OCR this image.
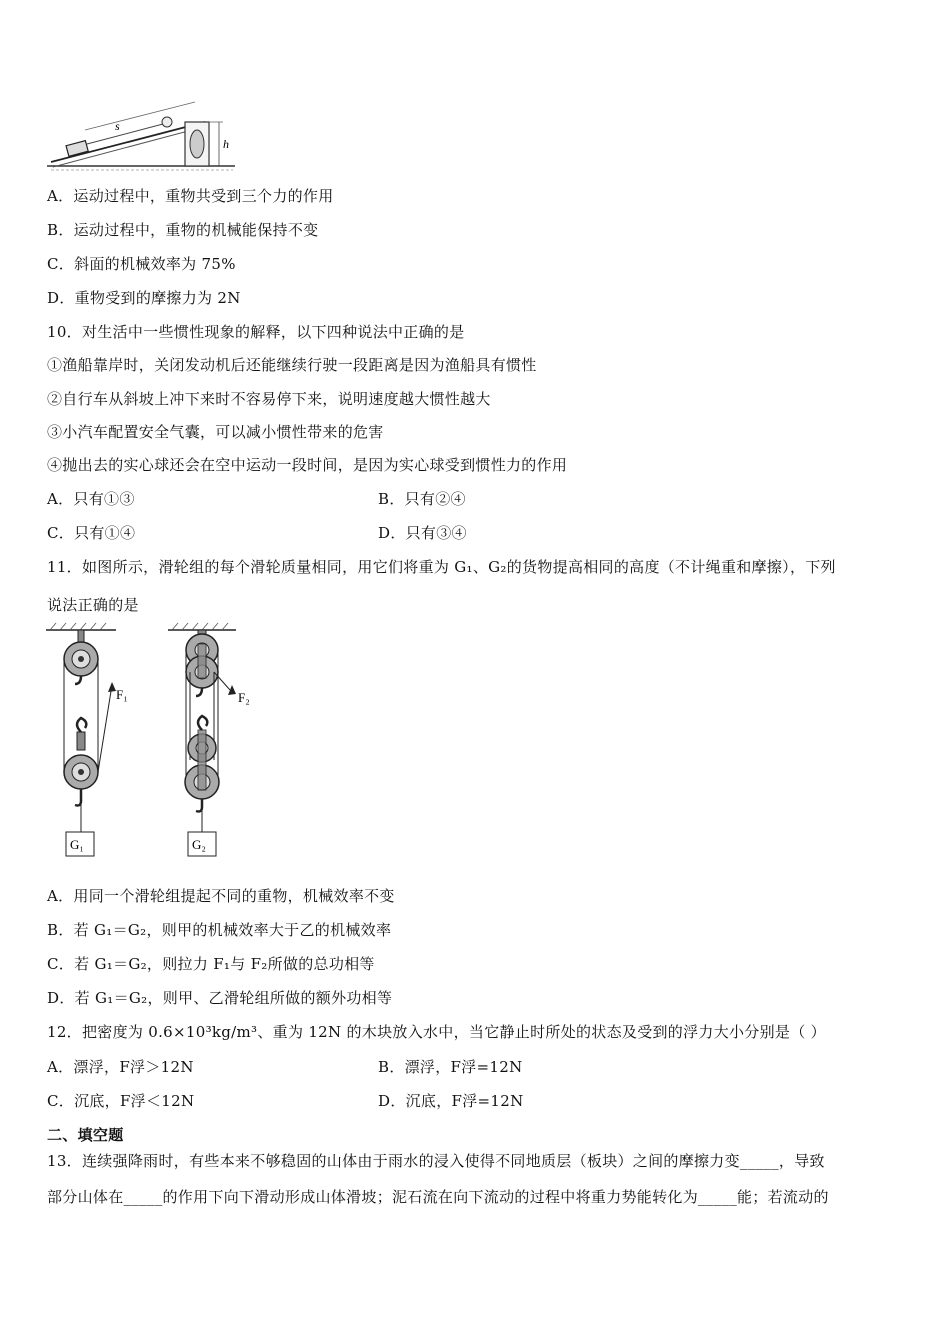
s
h
A．运动过程中，重物共受到三个力的作用
B．运动过程中，重物的机械能保持不变
C．斜面的机械效率为 75%
D．重物受到的摩擦力为 2N
10．对生活中一些惯性现象的解释，以下四种说法中正确的是
①渔船靠岸时，关闭发动机后还能继续行驶一段距离是因为渔船具有惯性
②自行车从斜坡上冲下来时不容易停下来，说明速度越大惯性越大
③小汽车配置安全气囊，可以减小惯性带来的危害
④抛出去的实心球还会在空中运动一段时间，是因为实心球受到惯性力的作用
A．只有①③	B．只有②④
C．只有①④	D．只有③④
11．如图所示，滑轮组的每个滑轮质量相同，用它们将重为 G₁、G₂的货物提高相同的高度（不计绳重和摩擦），下列
说法正确的是
G₁
F₁
G₂
F₂
A．用同一个滑轮组提起不同的重物，机械效率不变
B．若 G₁＝G₂，则甲的机械效率大于乙的机械效率
C．若 G₁＝G₂，则拉力 F₁与 F₂所做的总功相等
D．若 G₁＝G₂，则甲、乙滑轮组所做的额外功相等
12．把密度为 0.6×10³kg/m³、重为 12N 的木块放入水中，当它静止时所处的状态及受到的浮力大小分别是（ ）
A．漂浮，F浮＞12N	B．漂浮，F浮=12N
C．沉底，F浮＜12N	D．沉底，F浮=12N
二、填空题
13．连续强降雨时，有些本来不够稳固的山体由于雨水的浸入使得不同地质层（板块）之间的摩擦力变_____，导致
部分山体在_____的作用下向下滑动形成山体滑坡；泥石流在向下流动的过程中将重力势能转化为_____能；若流动的
